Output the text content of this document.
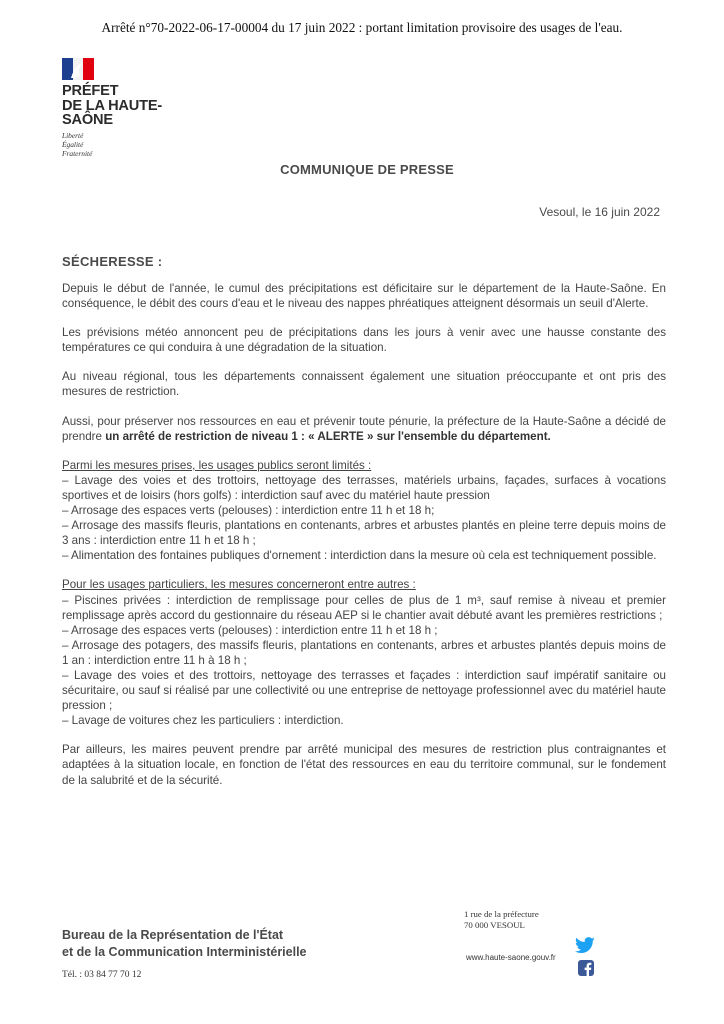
Arrêté n°70-2022-06-17-00004 du 17 juin 2022 : portant limitation provisoire des usages de l'eau.
PRÉFET
DE LA HAUTE-
SAÔNE
Liberté
Égalité
Fraternité
COMMUNIQUE DE PRESSE
Vesoul, le 16 juin 2022
SÉCHERESSE :

Depuis le début de l'année, le cumul des précipitations est déficitaire sur le département de la Haute-Saône. En conséquence, le débit des cours d'eau et le niveau des nappes phréatiques atteignent désormais un seuil d'Alerte.

Les prévisions météo annoncent peu de précipitations dans les jours à venir avec une hausse constante des températures ce qui conduira à une dégradation de la situation.

Au niveau régional, tous les départements connaissent également une situation préoccupante et ont pris des mesures de restriction.

Aussi, pour préserver nos ressources en eau et prévenir toute pénurie, la préfecture de la Haute-Saône a décidé de prendre un arrêté de restriction de niveau 1 : « ALERTE » sur l'ensemble du département.

Parmi les mesures prises, les usages publics seront limités :

– Lavage des voies et des trottoirs, nettoyage des terrasses, matériels urbains, façades, surfaces à vocations sportives et de loisirs (hors golfs) : interdiction sauf avec du matériel haute pression
– Arrosage des espaces verts (pelouses) : interdiction entre 11 h et 18 h;
– Arrosage des massifs fleuris, plantations en contenants, arbres et arbustes plantés en pleine terre depuis moins de 3 ans : interdiction entre 11 h et 18 h ;
– Alimentation des fontaines publiques d'ornement : interdiction dans la mesure où cela est techniquement possible.

Pour les usages particuliers, les mesures concerneront entre autres :

– Piscines privées : interdiction de remplissage pour celles de plus de 1 m³, sauf remise à niveau et premier remplissage après accord du gestionnaire du réseau AEP si le chantier avait débuté avant les premières restrictions ;
– Arrosage des espaces verts (pelouses) : interdiction entre 11 h et 18 h ;
– Arrosage des potagers, des massifs fleuris, plantations en contenants, arbres et arbustes plantés depuis moins de 1 an : interdiction entre 11 h à 18 h ;
– Lavage des voies et des trottoirs, nettoyage des terrasses et façades : interdiction sauf impératif sanitaire ou sécuritaire, ou sauf si réalisé par une collectivité ou une entreprise de nettoyage professionnel avec du matériel haute pression ;
– Lavage de voitures chez les particuliers : interdiction.

Par ailleurs, les maires peuvent prendre par arrêté municipal des mesures de restriction plus contraignantes et adaptées à la situation locale, en fonction de l'état des ressources en eau du territoire communal, sur le fondement de la salubrité et de la sécurité.

Bureau de la Représentation de l'État
et de la Communication Interministérielle
Tél. : 03 84 77 70 12
1 rue de la préfecture
70 000 VESOUL
www.haute-saone.gouv.fr
